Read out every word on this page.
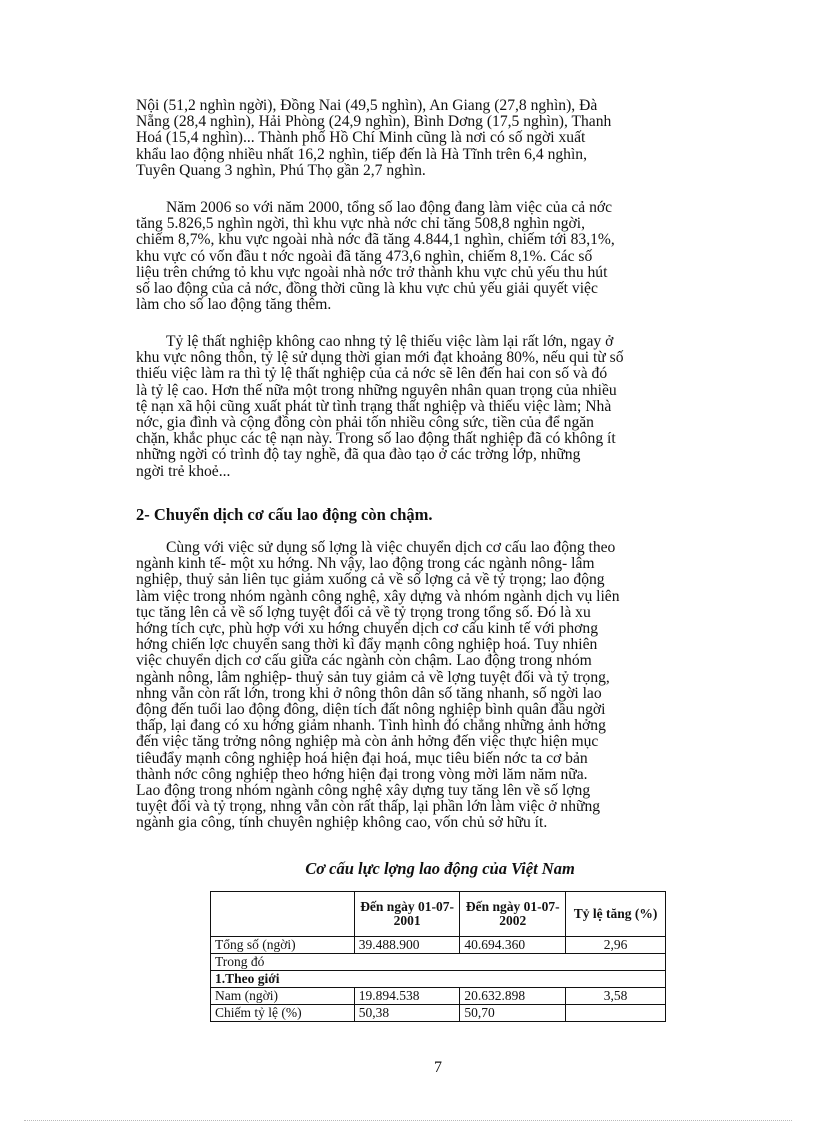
Nội (51,2 nghìn ngời), Đồng Nai (49,5 nghìn), An Giang (27,8 nghìn), Đà
Nẵng (28,4 nghìn), Hải Phòng (24,9 nghìn), Bình Dơng (17,5 nghìn), Thanh
Hoá (15,4 nghìn)... Thành phố Hồ Chí Minh cũng là nơi có số ngời xuất
khẩu lao động nhiều nhất 16,2 nghìn, tiếp đến là Hà Tĩnh trên 6,4 nghìn,
Tuyên Quang 3 nghìn, Phú Thọ gần 2,7 nghìn.

Năm 2006 so với năm 2000, tổng số lao động đang làm việc của cả nớc
tăng 5.826,5 nghìn ngời, thì khu vực nhà nớc chỉ tăng 508,8 nghìn ngời,
chiếm 8,7%, khu vực ngoài nhà nớc đã tăng 4.844,1 nghìn, chiếm tới 83,1%,
khu vực có vốn đầu t nớc ngoài đã tăng 473,6 nghìn, chiếm 8,1%. Các số
liệu trên chứng tỏ khu vực ngoài nhà nớc trở thành khu vực chủ yếu thu hút
số lao động của cả nớc, đồng thời cũng là khu vực chủ yếu giải quyết việc
làm cho số lao động tăng thêm.

Tỷ lệ thất nghiệp không cao nhng tỷ lệ thiếu việc làm lại rất lớn, ngay ở
khu vực nông thôn, tỷ lệ sử dụng thời gian mới đạt khoảng 80%, nếu qui từ số
thiếu việc làm ra thì tỷ lệ thất nghiệp của cả nớc sẽ lên đến hai con số và đó
là tỷ lệ cao. Hơn thế nữa một trong những nguyên nhân quan trọng của nhiều
tệ nạn xã hội cũng xuất phát từ tình trạng thất nghiệp và thiếu việc làm; Nhà
nớc, gia đình và cộng đồng còn phải tốn nhiều công sức, tiền của để ngăn
chặn, khắc phục các tệ nạn này. Trong số lao động thất nghiệp đã có không ít
những ngời có trình độ tay nghề, đã qua đào tạo ở các trờng lớp, những
ngời trẻ khoẻ...

2- Chuyển dịch cơ cấu lao động còn chậm.

Cùng với việc sử dụng số lợng là việc chuyển dịch cơ cấu lao động theo
ngành kinh tế- một xu hớng. Nh vậy, lao động trong các ngành nông- lâm
nghiệp, thuỷ sản liên tục giảm xuống cả về số lợng cả về tỷ trọng; lao động
làm việc trong nhóm ngành công nghệ, xây dựng và nhóm ngành dịch vụ liên
tục tăng lên cả về số lợng tuyệt đối cả về tỷ trọng trong tổng số. Đó là xu
hớng tích cực, phù hợp với xu hớng chuyển dịch cơ cấu kinh tế với phơng
hớng chiến lợc chuyển sang thời kì đẩy mạnh công nghiệp hoá. Tuy nhiên
việc chuyển dịch cơ cấu giữa các ngành còn chậm. Lao động trong nhóm
ngành nông, lâm nghiệp- thuỷ sản tuy giảm cả về lợng tuyệt đối và tỷ trọng,
nhng vẫn còn rất lớn, trong khi ở nông thôn dân số tăng nhanh, số ngời lao
động đến tuổi lao động đông, diện tích đất nông nghiệp bình quân đầu ngời
thấp, lại đang có xu hớng giảm nhanh. Tình hình đó chẳng những ảnh hởng
đến việc tăng trởng nông nghiệp mà còn ảnh hởng đến việc thực hiện mục
tiêuđẩy mạnh công nghiệp hoá hiện đại hoá, mục tiêu biến nớc ta cơ bản
thành nớc công nghiệp theo hớng hiện đại trong vòng mời lăm năm nữa.
Lao động trong nhóm ngành công nghệ xây dựng tuy tăng lên về số lợng
tuyệt đối và tỷ trọng, nhng vẫn còn rất thấp, lại phần lớn làm việc ở những
ngành gia công, tính chuyên nghiệp không cao, vốn chủ sở hữu ít.

Cơ cấu lực lợng lao động của Việt Nam
	Đến ngày 01-07-2001	Đến ngày 01-07-2002	Tỷ lệ tăng (%)
Tổng số (ngời)	39.488.900	40.694.360	2,96
Trong đó			
1.Theo giới			
Nam (ngời)	19.894.538	20.632.898	3,58
Chiếm tỷ lệ (%)	50,38	50,70	
7
